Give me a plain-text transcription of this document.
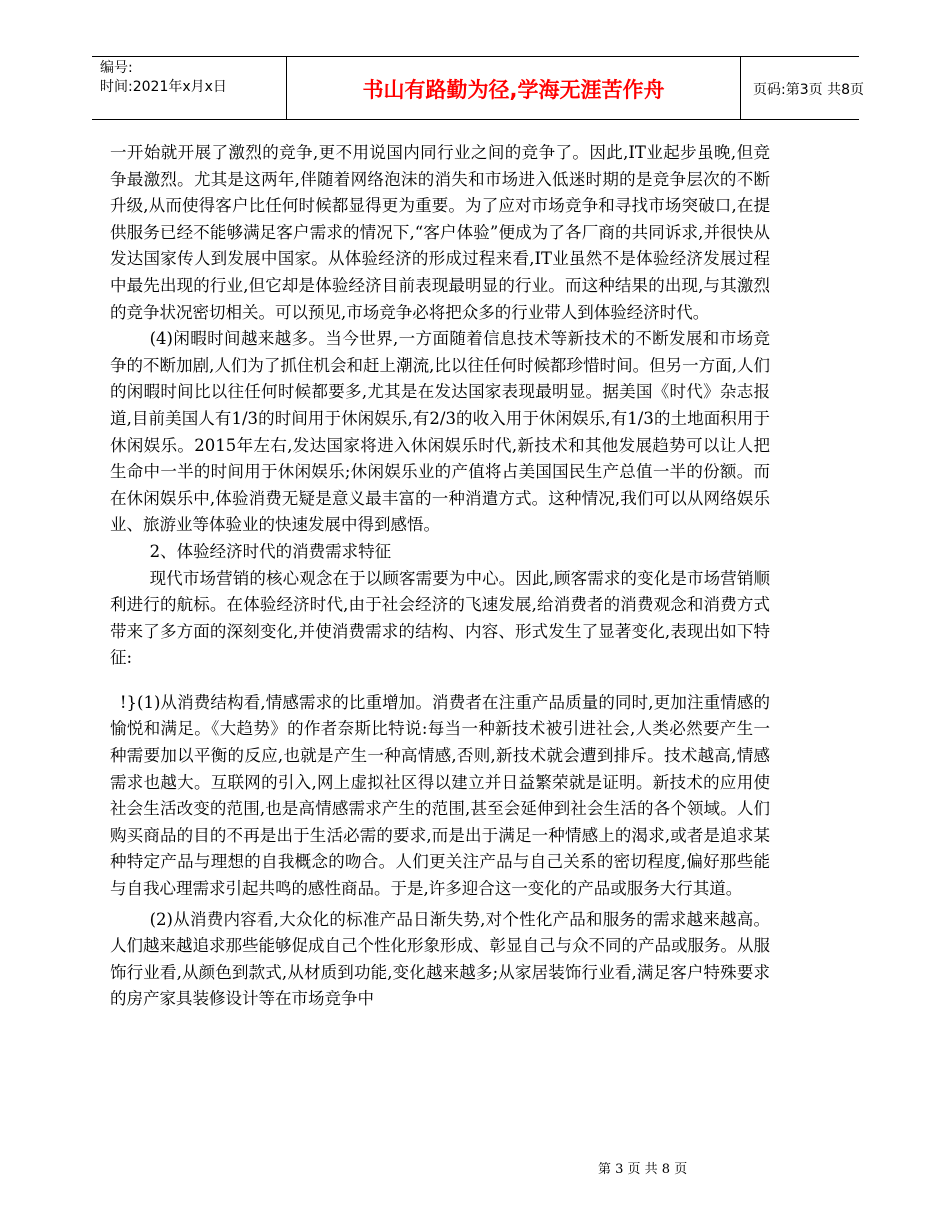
编号:
时间:2021年x月x日	书山有路勤为径,学海无涯苦作舟	页码:第3页 共8页

一开始就开展了激烈的竞争,更不用说国内同行业之间的竞争了。因此,IT业起步虽晚,但竞争最激烈。尤其是这两年,伴随着网络泡沫的消失和市场进入低迷时期的是竞争层次的不断升级,从而使得客户比任何时候都显得更为重要。为了应对市场竞争和寻找市场突破口,在提供服务已经不能够满足客户需求的情况下,“客户体验”便成为了各厂商的共同诉求,并很快从发达国家传人到发展中国家。从体验经济的形成过程来看,IT业虽然不是体验经济发展过程中最先出现的行业,但它却是体验经济目前表现最明显的行业。而这种结果的出现,与其激烈的竞争状况密切相关。可以预见,市场竞争必将把众多的行业带人到体验经济时代。

(4)闲暇时间越来越多。当今世界,一方面随着信息技术等新技术的不断发展和市场竞争的不断加剧,人们为了抓住机会和赶上潮流,比以往任何时候都珍惜时间。但另一方面,人们的闲暇时间比以往任何时候都要多,尤其是在发达国家表现最明显。据美国《时代》杂志报道,目前美国人有1/3的时间用于休闲娱乐,有2/3的收入用于休闲娱乐,有1/3的土地面积用于休闲娱乐。2015年左右,发达国家将进入休闲娱乐时代,新技术和其他发展趋势可以让人把生命中一半的时间用于休闲娱乐;休闲娱乐业的产值将占美国国民生产总值一半的份额。而在休闲娱乐中,体验消费无疑是意义最丰富的一种消遣方式。这种情况,我们可以从网络娱乐业、旅游业等体验业的快速发展中得到感悟。

2、体验经济时代的消费需求特征

现代市场营销的核心观念在于以顾客需要为中心。因此,顾客需求的变化是市场营销顺利进行的航标。在体验经济时代,由于社会经济的飞速发展,给消费者的消费观念和消费方式带来了多方面的深刻变化,并使消费需求的结构、内容、形式发生了显著变化,表现出如下特征:

!}(1)从消费结构看,情感需求的比重增加。消费者在注重产品质量的同时,更加注重情感的愉悦和满足。《大趋势》的作者奈斯比特说:每当一种新技术被引进社会,人类必然要产生一种需要加以平衡的反应,也就是产生一种高情感,否则,新技术就会遭到排斥。技术越高,情感需求也越大。互联网的引入,网上虚拟社区得以建立并日益繁荣就是证明。新技术的应用使社会生活改变的范围,也是高情感需求产生的范围,甚至会延伸到社会生活的各个领域。人们购买商品的目的不再是出于生活必需的要求,而是出于满足一种情感上的渴求,或者是追求某种特定产品与理想的自我概念的吻合。人们更关注产品与自己关系的密切程度,偏好那些能与自我心理需求引起共鸣的感性商品。于是,许多迎合这一变化的产品或服务大行其道。

(2)从消费内容看,大众化的标准产品日渐失势,对个性化产品和服务的需求越来越高。人们越来越追求那些能够促成自己个性化形象形成、彰显自己与众不同的产品或服务。从服饰行业看,从颜色到款式,从材质到功能,变化越来越多;从家居装饰行业看,满足客户特殊要求的房产家具装修设计等在市场竞争中

第 3 页 共 8 页
